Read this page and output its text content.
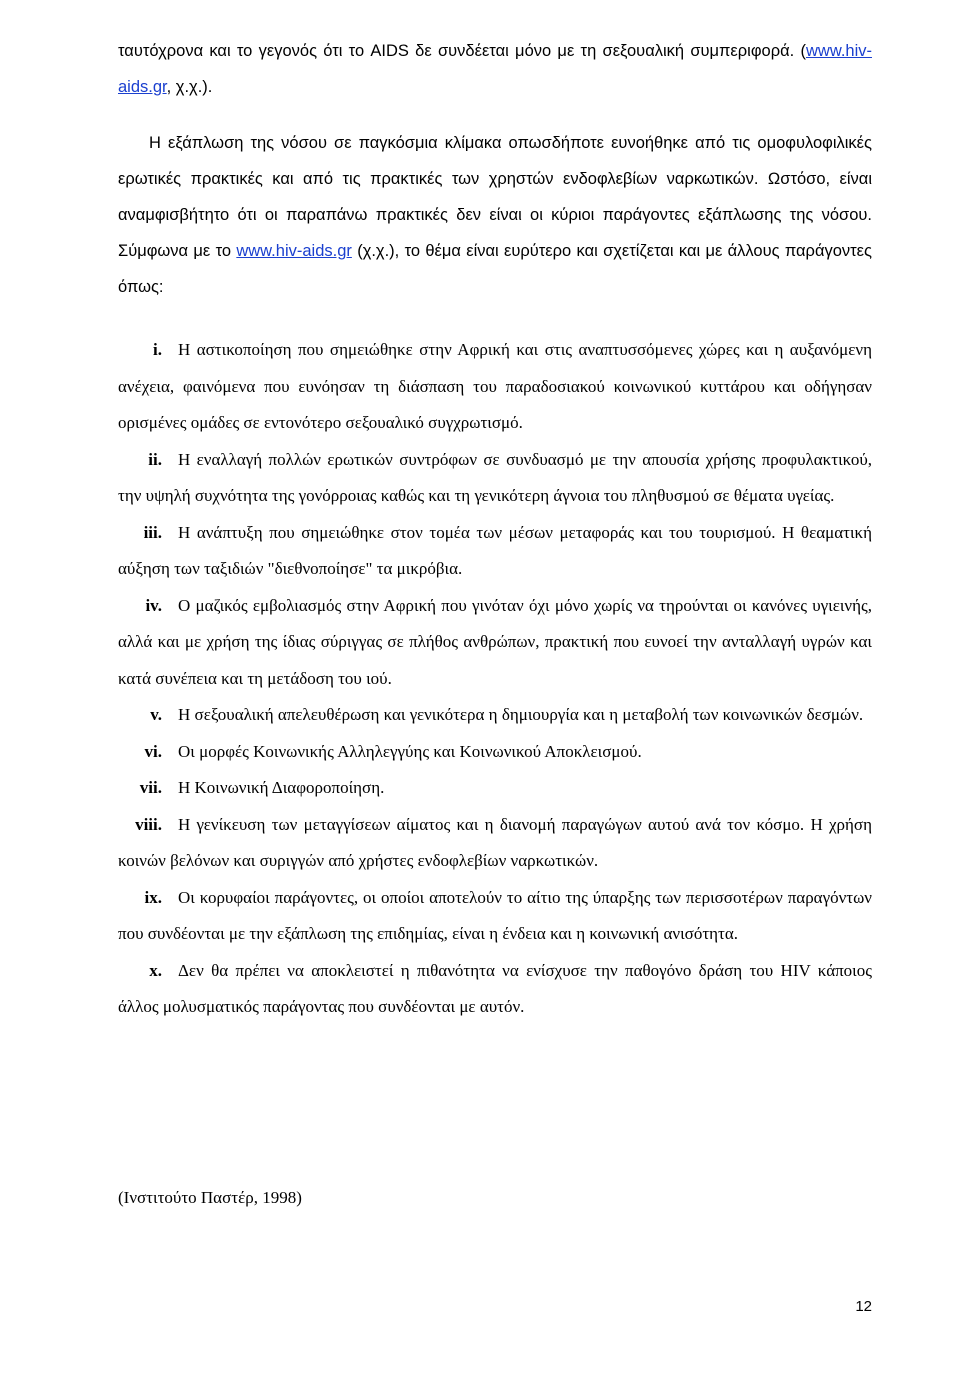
ταυτόχρονα και το γεγονός ότι το AIDS δε συνδέεται μόνο με τη σεξουαλική συμπεριφορά. (www.hiv-aids.gr, χ.χ.).

Η εξάπλωση της νόσου σε παγκόσμια κλίμακα οπωσδήποτε ευνοήθηκε από τις ομοφυλοφιλικές ερωτικές πρακτικές και από τις πρακτικές των χρηστών ενδοφλεβίων ναρκωτικών. Ωστόσο, είναι αναμφισβήτητο ότι οι παραπάνω πρακτικές δεν είναι οι κύριοι παράγοντες εξάπλωσης της νόσου. Σύμφωνα με το www.hiv-aids.gr (χ.χ.), το θέμα είναι ευρύτερο και σχετίζεται και με άλλους παράγοντες όπως:

i. Η αστικοποίηση που σημειώθηκε στην Αφρική και στις αναπτυσσόμενες χώρες και η αυξανόμενη ανέχεια, φαινόμενα που ευνόησαν τη διάσπαση του παραδοσιακού κοινωνικού κυττάρου και οδήγησαν ορισμένες ομάδες σε εντονότερο σεξουαλικό συγχρωτισμό.

ii. Η εναλλαγή πολλών ερωτικών συντρόφων σε συνδυασμό με την απουσία χρήσης προφυλακτικού, την υψηλή συχνότητα της γονόρροιας καθώς και τη γενικότερη άγνοια του πληθυσμού σε θέματα υγείας.

iii. Η ανάπτυξη που σημειώθηκε στον τομέα των μέσων μεταφοράς και του τουρισμού. Η θεαματική αύξηση των ταξιδιών "διεθνοποίησε" τα μικρόβια.

iv. Ο μαζικός εμβολιασμός στην Αφρική που γινόταν όχι μόνο χωρίς να τηρούνται οι κανόνες υγιεινής, αλλά και με χρήση της ίδιας σύριγγας σε πλήθος ανθρώπων, πρακτική που ευνοεί την ανταλλαγή υγρών και κατά συνέπεια και τη μετάδοση του ιού.

v. Η σεξουαλική απελευθέρωση και γενικότερα η δημιουργία και η μεταβολή των κοινωνικών δεσμών.

vi. Οι μορφές Κοινωνικής Αλληλεγγύης και Κοινωνικού Αποκλεισμού.

vii. Η Κοινωνική Διαφοροποίηση.

viii. Η γενίκευση των μεταγγίσεων αίματος και η διανομή παραγώγων αυτού ανά τον κόσμο. Η χρήση κοινών βελόνων και συριγγών από χρήστες ενδοφλεβίων ναρκωτικών.

ix. Οι κορυφαίοι παράγοντες, οι οποίοι αποτελούν το αίτιο της ύπαρξης των περισσοτέρων παραγόντων που συνδέονται με την εξάπλωση της επιδημίας, είναι η ένδεια και η κοινωνική ανισότητα.

x. Δεν θα πρέπει να αποκλειστεί η πιθανότητα να ενίσχυσε την παθογόνο δράση του HIV κάποιος άλλος μολυσματικός παράγοντας που συνδέονται με αυτόν.

(Ινστιτούτο Παστέρ, 1998)
12
